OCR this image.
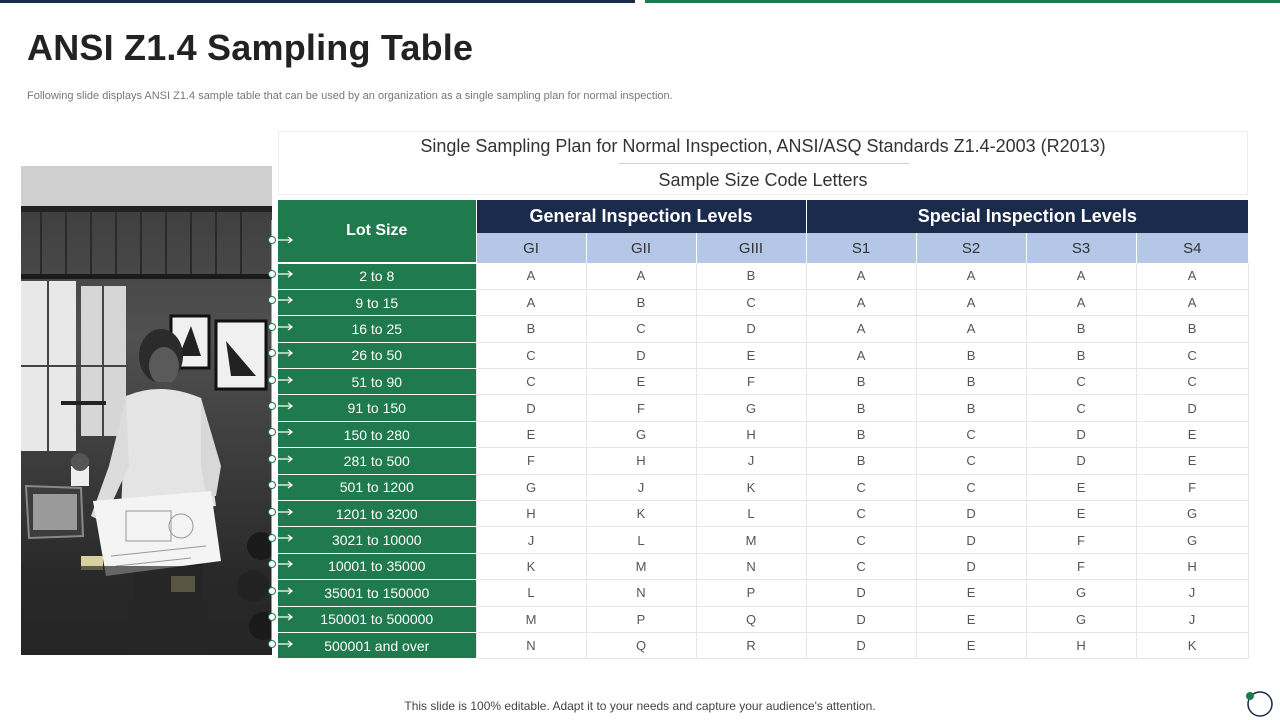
ANSI Z1.4 Sampling Table

Following slide displays ANSI Z1.4 sample table that can be used by an organization as a single sampling plan for normal inspection.

Single Sampling Plan for Normal Inspection, ANSI/ASQ Standards Z1.4-2003 (R2013)
Sample Size Code Letters
Lot Size	General Inspection Levels			Special Inspection Levels			
	GI	GII	GIII	S1	S2	S3	S4
2 to 8	A	A	B	A	A	A	A
9 to 15	A	B	C	A	A	A	A
16 to 25	B	C	D	A	A	B	B
26 to 50	C	D	E	A	B	B	C
51 to 90	C	E	F	B	B	C	C
91 to 150	D	F	G	B	B	C	D
150 to 280	E	G	H	B	C	D	E
281 to 500	F	H	J	B	C	D	E
501 to 1200	G	J	K	C	C	E	F
1201 to 3200	H	K	L	C	D	E	G
3021 to 10000	J	L	M	C	D	F	G
10001 to 35000	K	M	N	C	D	F	H
35001 to 150000	L	N	P	D	E	G	J
150001 to 500000	M	P	Q	D	E	G	J
500001 and over	N	Q	R	D	E	H	K

This slide is 100% editable. Adapt it to your needs and capture your audience's attention.
